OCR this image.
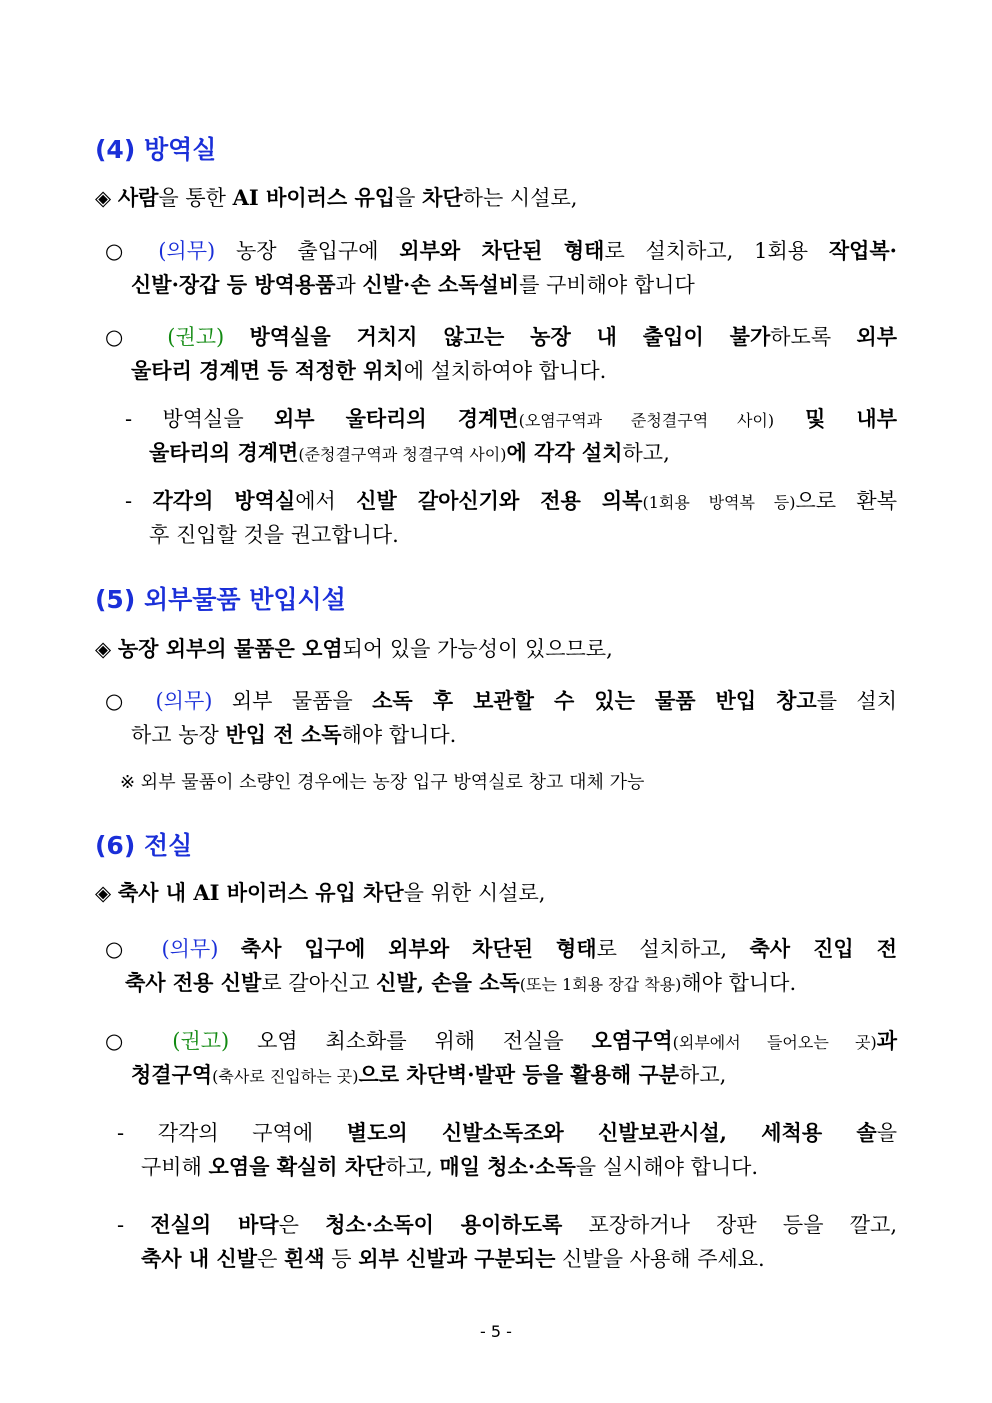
(4) 방역실
◈ 사람을 통한 AI 바이러스 유입을 차단하는 시설로,
○ (의무) 농장 출입구에 외부와 차단된 형태로 설치하고, 1회용 작업복·
신발·장갑 등 방역용품과 신발·손 소독설비를 구비해야 합니다
○ (권고) 방역실을 거치지 않고는 농장 내 출입이 불가하도록 외부
울타리 경계면 등 적정한 위치에 설치하여야 합니다.
- 방역실을 외부 울타리의 경계면(오염구역과 준청결구역 사이) 및 내부
울타리의 경계면(준청결구역과 청결구역 사이)에 각각 설치하고,
- 각각의 방역실에서 신발 갈아신기와 전용 의복(1회용 방역복 등)으로 환복
후 진입할 것을 권고합니다.
(5) 외부물품 반입시설
◈ 농장 외부의 물품은 오염되어 있을 가능성이 있으므로,
○ (의무) 외부 물품을 소독 후 보관할 수 있는 물품 반입 창고를 설치
하고 농장 반입 전 소독해야 합니다.
※ 외부 물품이 소량인 경우에는 농장 입구 방역실로 창고 대체 가능
(6) 전실
◈ 축사 내 AI 바이러스 유입 차단을 위한 시설로,
○ (의무) 축사 입구에 외부와 차단된 형태로 설치하고, 축사 진입 전
축사 전용 신발로 갈아신고 신발, 손을 소독(또는 1회용 장갑 착용)해야 합니다.
○ (권고) 오염 최소화를 위해 전실을 오염구역(외부에서 들어오는 곳)과
청결구역(축사로 진입하는 곳)으로 차단벽·발판 등을 활용해 구분하고,
- 각각의 구역에 별도의 신발소독조와 신발보관시설, 세척용 솔을
구비해 오염을 확실히 차단하고, 매일 청소·소독을 실시해야 합니다.
- 전실의 바닥은 청소·소독이 용이하도록 포장하거나 장판 등을 깔고,
축사 내 신발은 흰색 등 외부 신발과 구분되는 신발을 사용해 주세요.
- 5 -
